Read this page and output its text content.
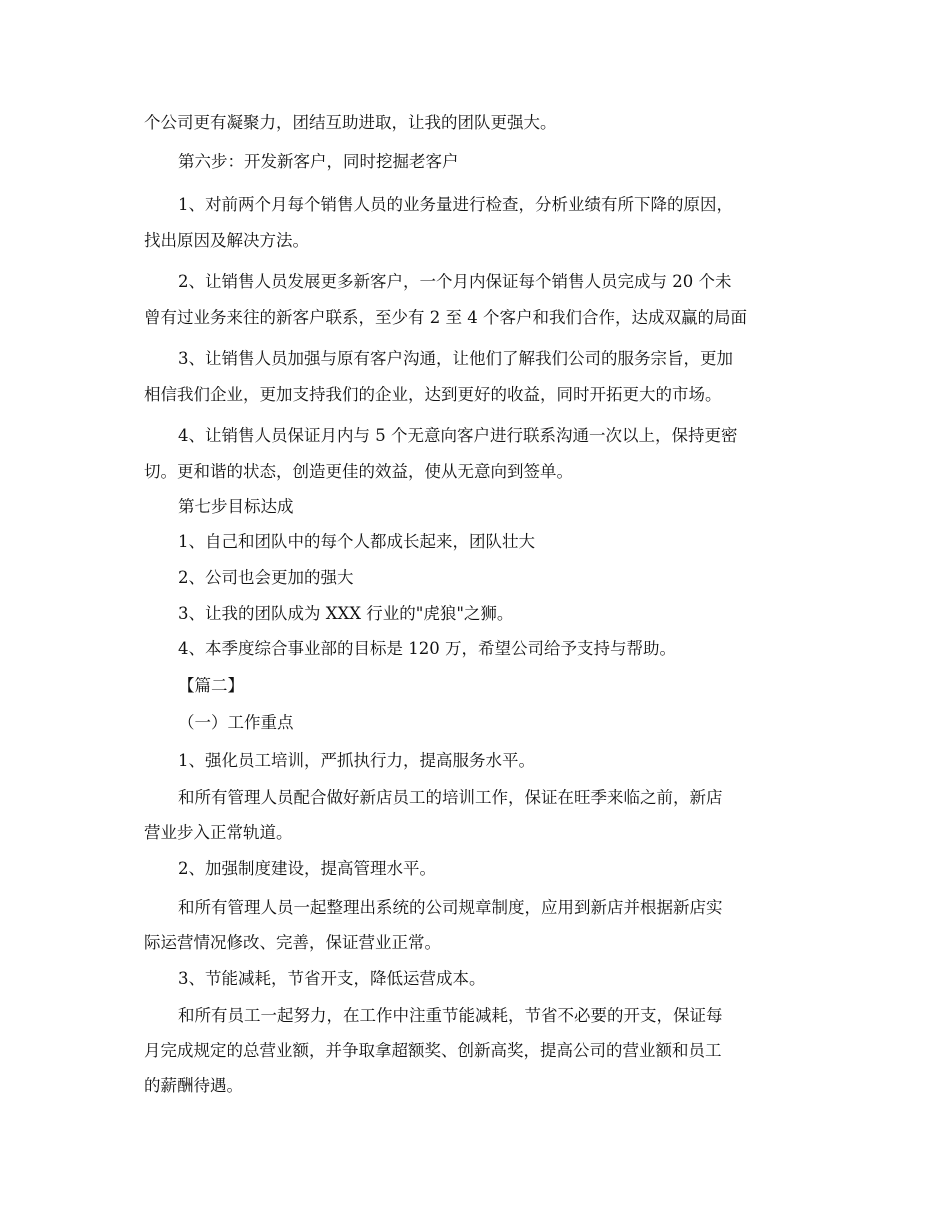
个公司更有凝聚力，团结互助进取，让我的团队更强大。
第六步：开发新客户，同时挖掘老客户
1、对前两个月每个销售人员的业务量进行检查，分析业绩有所下降的原因，
找出原因及解决方法。
2、让销售人员发展更多新客户，一个月内保证每个销售人员完成与 20 个未
曾有过业务来往的新客户联系，至少有 2 至 4 个客户和我们合作，达成双赢的局面
3、让销售人员加强与原有客户沟通，让他们了解我们公司的服务宗旨，更加
相信我们企业，更加支持我们的企业，达到更好的收益，同时开拓更大的市场。
4、让销售人员保证月内与 5 个无意向客户进行联系沟通一次以上，保持更密
切。更和谐的状态，创造更佳的效益，使从无意向到签单。
第七步目标达成
1、自己和团队中的每个人都成长起来，团队壮大
2、公司也会更加的强大
3、让我的团队成为 XXX 行业的"虎狼"之狮。
4、本季度综合事业部的目标是 120 万，希望公司给予支持与帮助。
【篇二】
（一）工作重点
1、强化员工培训，严抓执行力，提高服务水平。
和所有管理人员配合做好新店员工的培训工作，保证在旺季来临之前，新店
营业步入正常轨道。
2、加强制度建设，提高管理水平。
和所有管理人员一起整理出系统的公司规章制度，应用到新店并根据新店实
际运营情况修改、完善，保证营业正常。
3、节能减耗，节省开支，降低运营成本。
和所有员工一起努力，在工作中注重节能减耗，节省不必要的开支，保证每
月完成规定的总营业额，并争取拿超额奖、创新高奖，提高公司的营业额和员工
的薪酬待遇。
